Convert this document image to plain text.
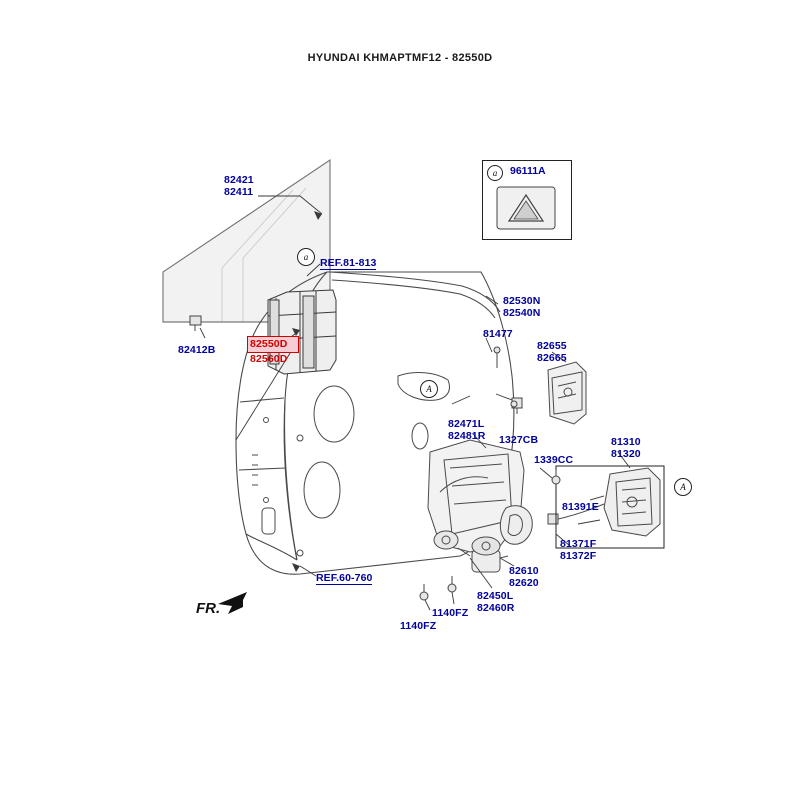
HYUNDAI KHMAPTMF12 - 82550D
a	96111A
a
A
A
82421
82411
82412B
REF.81-813
82550D
82560D
82530N
82540N
81477
82655
82665
82471L
82481R 1327CB
1339CC
81310
81320
81391E
81371F
81372F
82610
82620
82450L
82460R
1140FZ
1140FZ
REF.60-760
FR.
